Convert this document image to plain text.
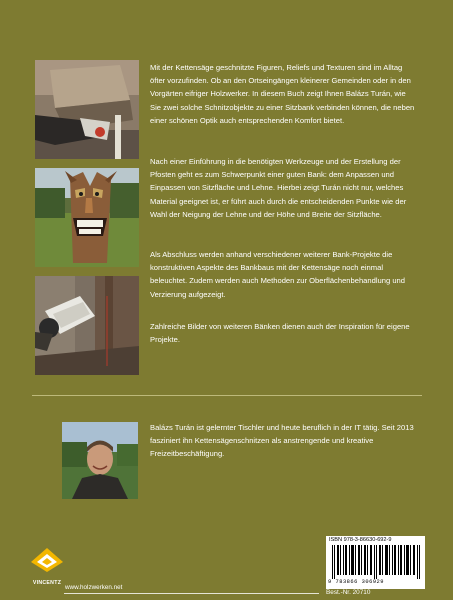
Mit der Kettensäge geschnitzte Figuren, Reliefs und Texturen sind im Alltag öfter vorzufinden. Ob an den Ortseingängen kleinerer Gemeinden oder in den Vorgärten eifriger Holzwerker. In diesem Buch zeigt Ihnen Balázs Turán, wie Sie zwei solche Schnitzobjekte zu einer Sitzbank verbinden können, die neben einer schönen Optik auch entsprechenden Komfort bietet.

Nach einer Einführung in die benötigten Werkzeuge und der Erstellung der Pfosten geht es zum Schwerpunkt einer guten Bank: dem Anpassen und Einpassen von Sitzfläche und Lehne. Hierbei zeigt Turán nicht nur, welches Material geeignet ist, er führt auch durch die entscheidenden Punkte wie der Wahl der Neigung der Lehne und der Höhe und Breite der Sitzfläche.

Als Abschluss werden anhand verschiedener weiterer Bank-Projekte die konstruktiven Aspekte des Bankbaus mit der Kettensäge noch einmal beleuchtet. Zudem werden auch Methoden zur Oberflächenbehandlung und Verzierung aufgezeigt.

Zahlreiche Bilder von weiteren Bänken dienen auch der Inspiration für eigene Projekte.

Balázs Turán ist gelernter Tischler und heute beruflich in der IT tätig. Seit 2013 fasziniert ihn Kettensägenschnitzen als anstrengende und kreative Freizeitbeschäftigung.

VINCENTZ
www.holzwerken.net
ISBN 978-3-86630-692-9
9 783866 306929
Best.-Nr. 20710
